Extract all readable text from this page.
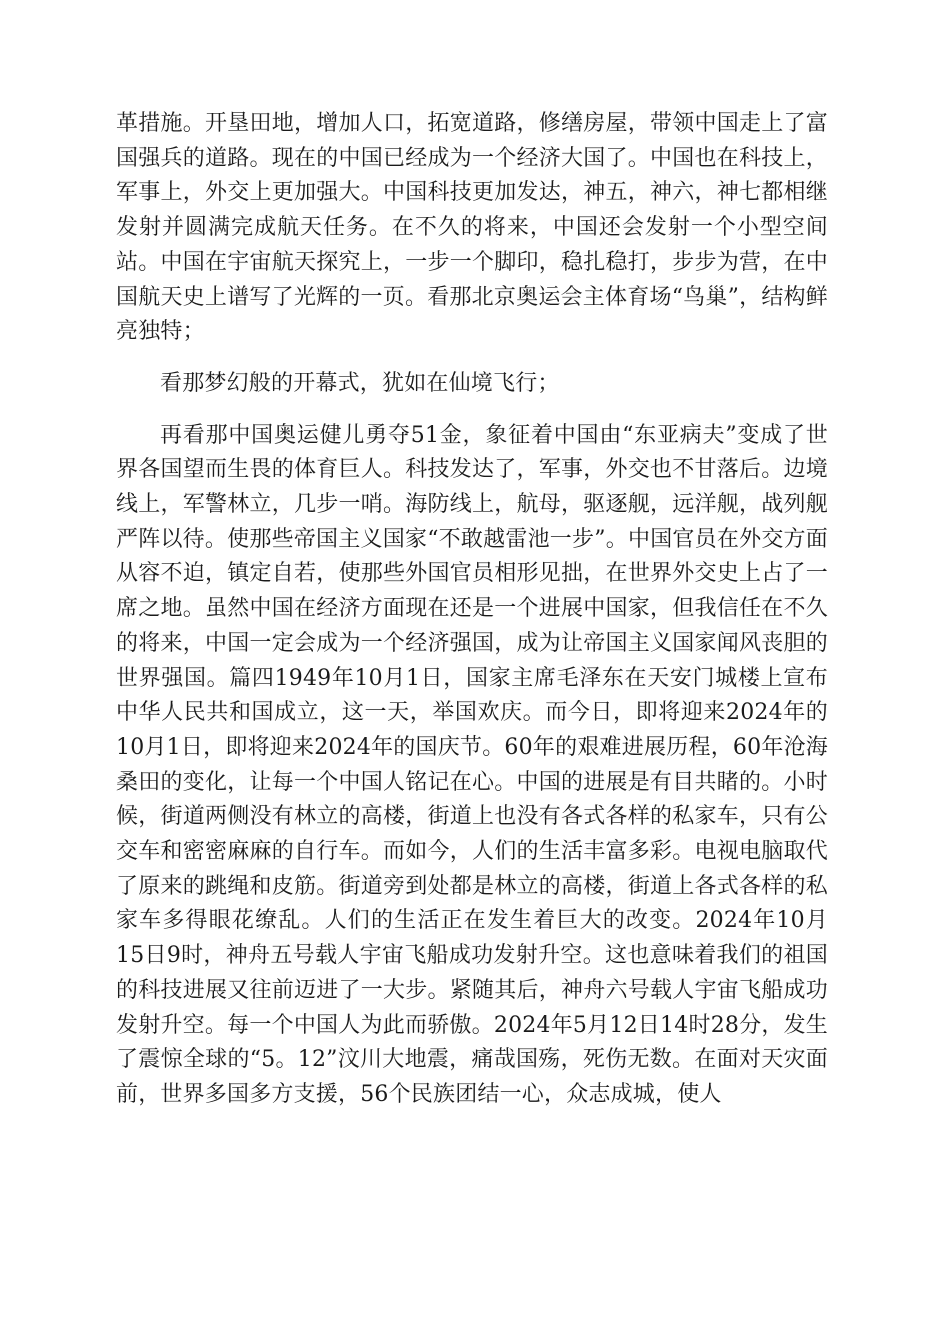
革措施。开垦田地，增加人口，拓宽道路，修缮房屋，带领中国走上了富国强兵的道路。现在的中国已经成为一个经济大国了。中国也在科技上，军事上，外交上更加强大。中国科技更加发达，神五，神六，神七都相继发射并圆满完成航天任务。在不久的将来，中国还会发射一个小型空间站。中国在宇宙航天探究上，一步一个脚印，稳扎稳打，步步为营，在中国航天史上谱写了光辉的一页。看那北京奥运会主体育场“鸟巢”，结构鲜亮独特；

看那梦幻般的开幕式，犹如在仙境飞行；

再看那中国奥运健儿勇夺51金，象征着中国由“东亚病夫”变成了世界各国望而生畏的体育巨人。科技发达了，军事，外交也不甘落后。边境线上，军警林立，几步一哨。海防线上，航母，驱逐舰，远洋舰，战列舰严阵以待。使那些帝国主义国家“不敢越雷池一步”。中国官员在外交方面从容不迫，镇定自若，使那些外国官员相形见拙，在世界外交史上占了一席之地。虽然中国在经济方面现在还是一个进展中国家，但我信任在不久的将来，中国一定会成为一个经济强国，成为让帝国主义国家闻风丧胆的世界强国。篇四1949年10月1日，国家主席毛泽东在天安门城楼上宣布中华人民共和国成立，这一天，举国欢庆。而今日，即将迎来2024年的10月1日，即将迎来2024年的国庆节。60年的艰难进展历程，60年沧海桑田的变化，让每一个中国人铭记在心。中国的进展是有目共睹的。小时候，街道两侧没有林立的高楼，街道上也没有各式各样的私家车，只有公交车和密密麻麻的自行车。而如今，人们的生活丰富多彩。电视电脑取代了原来的跳绳和皮筋。街道旁到处都是林立的高楼，街道上各式各样的私家车多得眼花缭乱。人们的生活正在发生着巨大的改变。2024年10月15日9时，神舟五号载人宇宙飞船成功发射升空。这也意味着我们的祖国的科技进展又往前迈进了一大步。紧随其后，神舟六号载人宇宙飞船成功发射升空。每一个中国人为此而骄傲。2024年5月12日14时28分，发生了震惊全球的“5。12”汶川大地震，痛哉国殇，死伤无数。在面对天灾面前，世界多国多方支援，56个民族团结一心，众志成城，使人
